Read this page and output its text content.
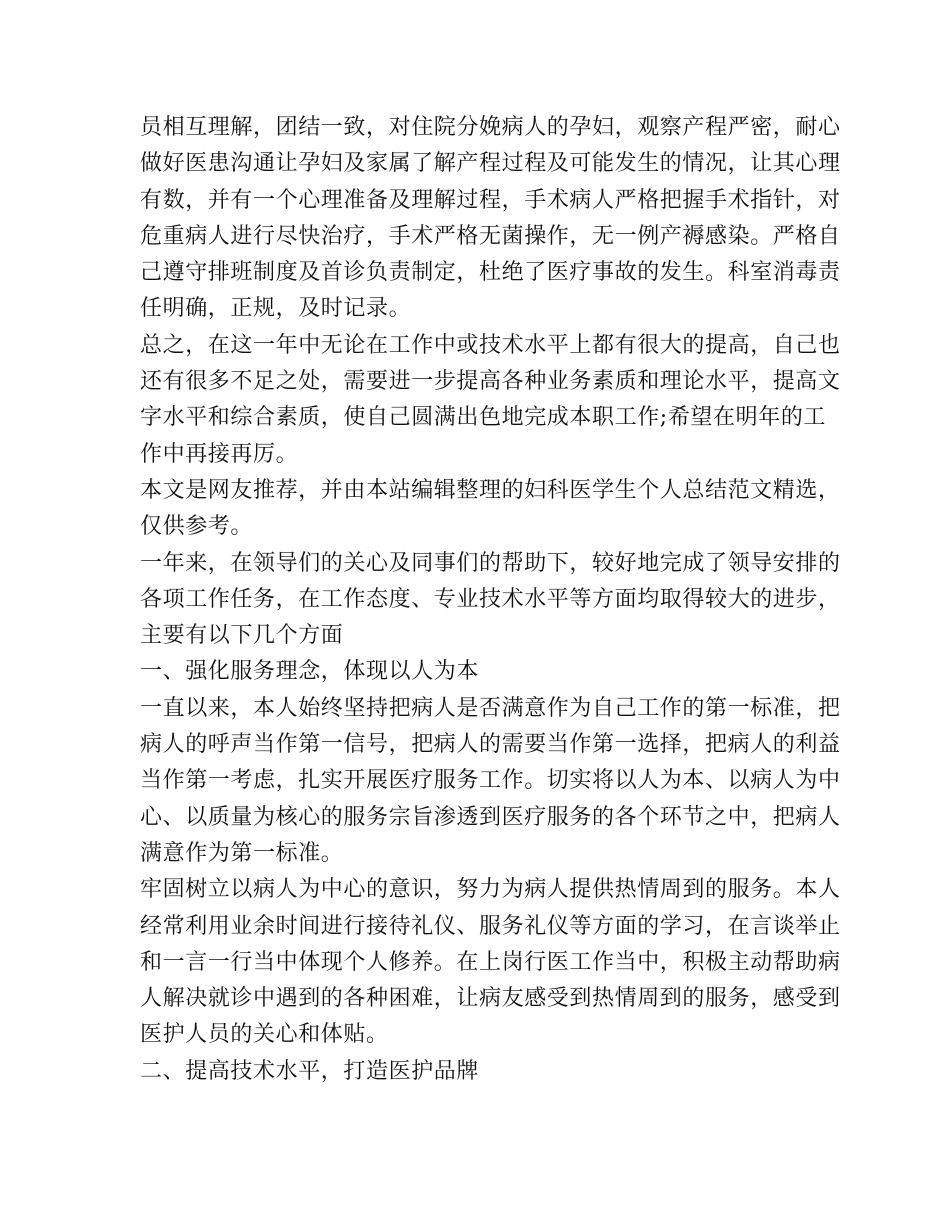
员相互理解，团结一致，对住院分娩病人的孕妇，观察产程严密，耐心
做好医患沟通让孕妇及家属了解产程过程及可能发生的情况，让其心理
有数，并有一个心理准备及理解过程，手术病人严格把握手术指针，对
危重病人进行尽快治疗，手术严格无菌操作，无一例产褥感染。严格自
己遵守排班制度及首诊负责制定，杜绝了医疗事故的发生。科室消毒责
任明确，正规，及时记录。
总之，在这一年中无论在工作中或技术水平上都有很大的提高，自己也
还有很多不足之处，需要进一步提高各种业务素质和理论水平，提高文
字水平和综合素质，使自己圆满出色地完成本职工作;希望在明年的工
作中再接再厉。
本文是网友推荐，并由本站编辑整理的妇科医学生个人总结范文精选，
仅供参考。
一年来，在领导们的关心及同事们的帮助下，较好地完成了领导安排的
各项工作任务，在工作态度、专业技术水平等方面均取得较大的进步，
主要有以下几个方面
一、强化服务理念，体现以人为本
一直以来，本人始终坚持把病人是否满意作为自己工作的第一标准，把
病人的呼声当作第一信号，把病人的需要当作第一选择，把病人的利益
当作第一考虑，扎实开展医疗服务工作。切实将以人为本、以病人为中
心、以质量为核心的服务宗旨渗透到医疗服务的各个环节之中，把病人
满意作为第一标准。
牢固树立以病人为中心的意识，努力为病人提供热情周到的服务。本人
经常利用业余时间进行接待礼仪、服务礼仪等方面的学习，在言谈举止
和一言一行当中体现个人修养。在上岗行医工作当中，积极主动帮助病
人解决就诊中遇到的各种困难，让病友感受到热情周到的服务，感受到
医护人员的关心和体贴。
二、提高技术水平，打造医护品牌
